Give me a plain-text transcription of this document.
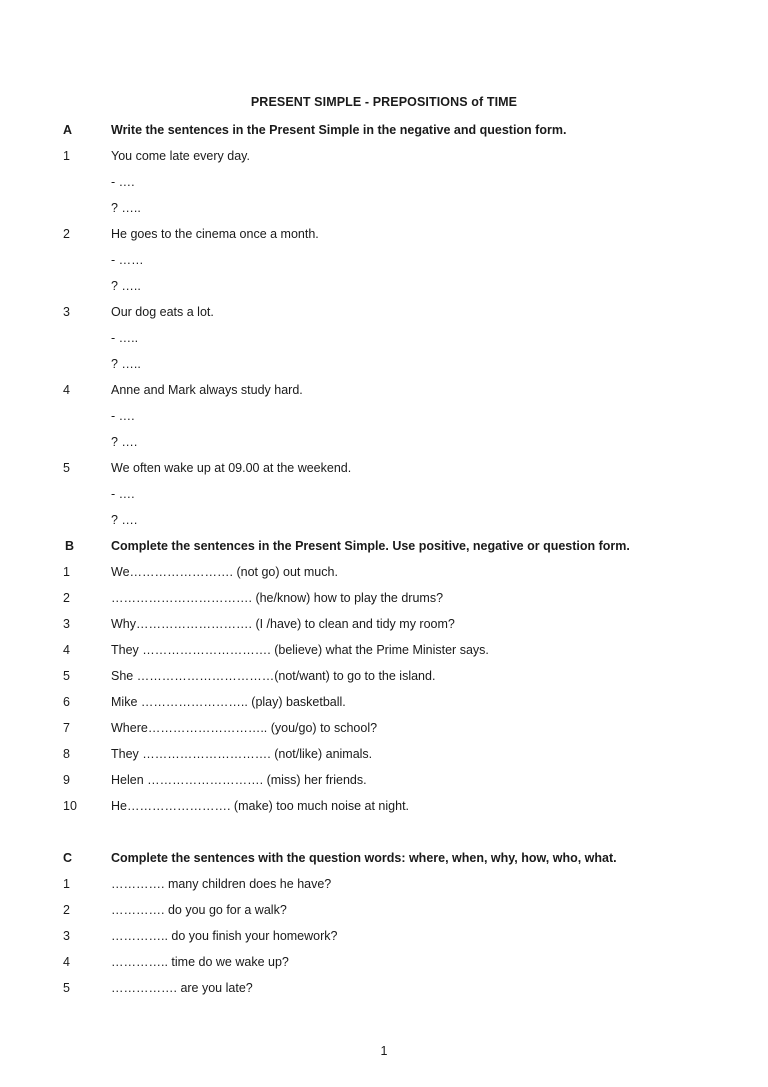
PRESENT SIMPLE - PREPOSITIONS of TIME
A	Write the sentences in the Present Simple in the negative and question form.
1	You come late every day.
- ….
? …..
2	He goes to the cinema once a month.
- ……
? …..
3	Our dog eats a lot.
- …..
? …..
4	Anne and Mark always study hard.
- ….
? ….
5	We often wake up at 09.00 at the weekend.
- ….
? ….
B	Complete the sentences in the Present Simple. Use positive, negative or question form.
1	We……………………. (not go) out much.
2	……………………………. (he/know) how to play the drums?
3	Why………………………. (I /have) to clean and tidy my room?
4	They …………………………. (believe) what the Prime Minister says.
5	She ……………………………(not/want) to go to the island.
6	Mike …………………….. (play) basketball.
7	Where……………………….. (you/go) to school?
8	They …………………………. (not/like) animals.
9	Helen ………………………. (miss) her friends.
10	He……………………. (make) too much noise at night.
C	Complete the sentences with the question words: where, when, why, how, who, what.
1	…………. many children does he have?
2	…………. do you go for a walk?
3	………….. do you finish your homework?
4	………….. time do we wake up?
5	……………. are you late?
1
